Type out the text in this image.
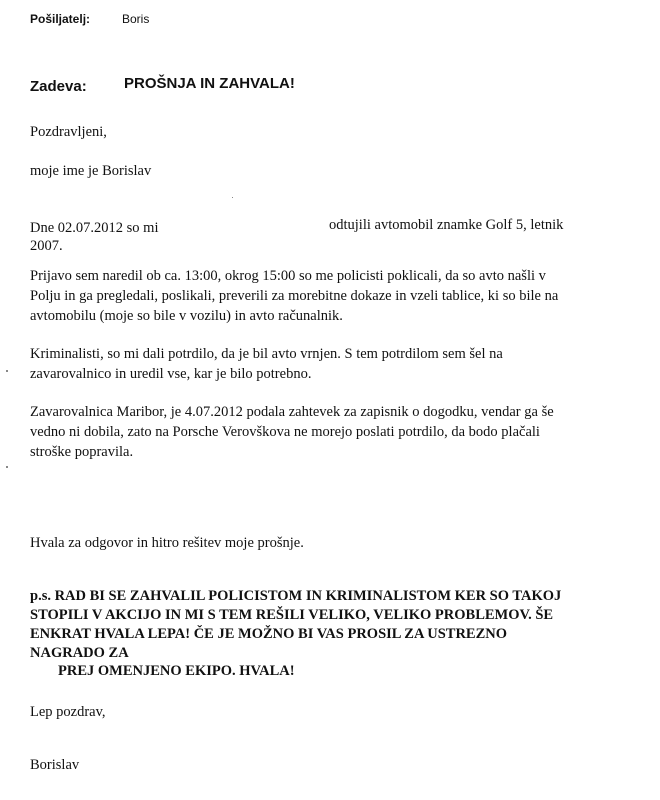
Pošiljatelj:	Boris
Zadeva: PROŠNJA IN ZAHVALA!
Pozdravljeni,
moje ime je Borislav
Dne 02.07.2012 so mi	odtujili avtomobil znamke Golf 5, letnik
2007.
Prijavo sem naredil ob ca. 13:00, okrog 15:00 so me policisti poklicali, da so avto našli v
Polju in ga pregledali, poslikali, preverili za morebitne dokaze in vzeli tablice, ki so bile na
avtomobilu (moje so bile v vozilu) in avto računalnik.
Kriminalisti, so mi dali potrdilo, da je bil avto vrnjen. S tem potrdilom sem šel na
zavarovalnico in uredil vse, kar je bilo potrebno.
Zavarovalnica Maribor, je 4.07.2012 podala zahtevek za zapisnik o dogodku, vendar ga še
vedno ni dobila, zato na Porsche Verovškova ne morejo poslati potrdilo, da bodo plačali
stroške popravila.
Hvala za odgovor in hitro rešitev moje prošnje.
p.s. RAD BI SE ZAHVALIL POLICISTOM IN KRIMINALISTOM KER SO TAKOJ
STOPILI V AKCIJO IN MI S TEM REŠILI VELIKO, VELIKO PROBLEMOV. ŠE
ENKRAT HVALA LEPA! ČE JE MOŽNO BI VAS PROSIL ZA USTREZNO
NAGRADO ZA
PREJ OMENJENO EKIPO. HVALA!
Lep pozdrav,
Borislav
